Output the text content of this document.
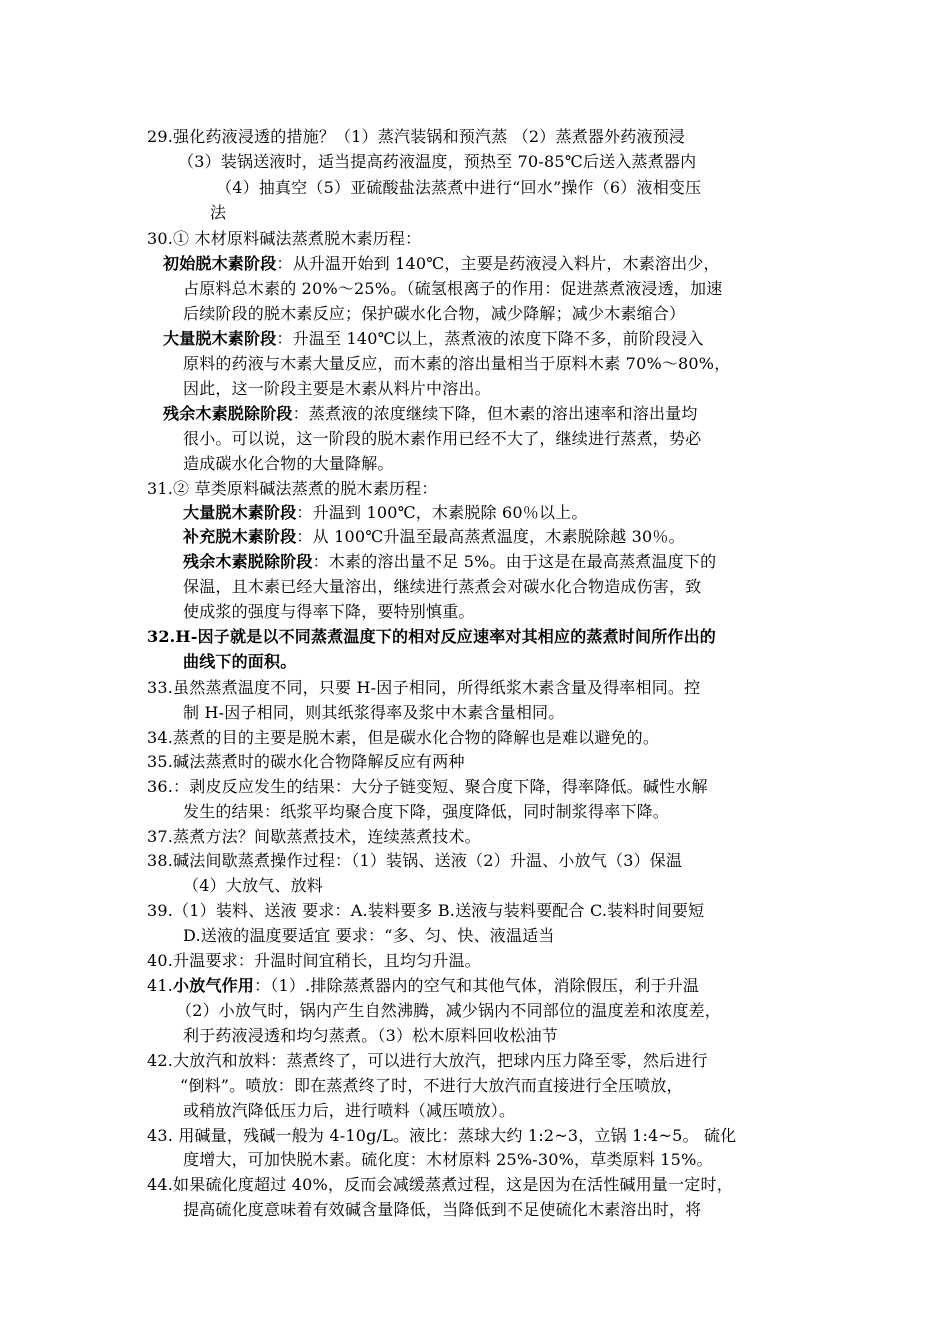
29.强化药液浸透的措施？（1）蒸汽装锅和预汽蒸 （2）蒸煮器外药液预浸
（3）装锅送液时，适当提高药液温度，预热至 70-85℃后送入蒸煮器内
（4）抽真空（5）亚硫酸盐法蒸煮中进行“回水”操作（6）液相变压
法
30.① 木材原料碱法蒸煮脱木素历程：
初始脱木素阶段：从升温开始到 140℃，主要是药液浸入料片，木素溶出少，
占原料总木素的 20%～25%。（硫氢根离子的作用：促进蒸煮液浸透，加速
后续阶段的脱木素反应；保护碳水化合物，减少降解；减少木素缩合）
大量脱木素阶段：升温至 140℃以上，蒸煮液的浓度下降不多，前阶段浸入
原料的药液与木素大量反应，而木素的溶出量相当于原料木素 70%～80%，
因此，这一阶段主要是木素从料片中溶出。
残余木素脱除阶段：蒸煮液的浓度继续下降，但木素的溶出速率和溶出量均
很小。可以说，这一阶段的脱木素作用已经不大了，继续进行蒸煮，势必
造成碳水化合物的大量降解。
31.② 草类原料碱法蒸煮的脱木素历程：
大量脱木素阶段：升温到 100℃，木素脱除 60％以上。
补充脱木素阶段：从 100℃升温至最高蒸煮温度，木素脱除越 30％。
残余木素脱除阶段：木素的溶出量不足 5%。由于这是在最高蒸煮温度下的
保温，且木素已经大量溶出，继续进行蒸煮会对碳水化合物造成伤害，致
使成浆的强度与得率下降，要特别慎重。
32.H-因子就是以不同蒸煮温度下的相对反应速率对其相应的蒸煮时间所作出的
曲线下的面积。
33.虽然蒸煮温度不同，只要 H-因子相同，所得纸浆木素含量及得率相同。控
制 H-因子相同，则其纸浆得率及浆中木素含量相同。
34.蒸煮的目的主要是脱木素，但是碳水化合物的降解也是难以避免的。
35.碱法蒸煮时的碳水化合物降解反应有两种
36.：剥皮反应发生的结果：大分子链变短、聚合度下降，得率降低。碱性水解
发生的结果：纸浆平均聚合度下降，强度降低，同时制浆得率下降。
37.蒸煮方法？间歇蒸煮技术，连续蒸煮技术。
38.碱法间歇蒸煮操作过程：（1）装锅、送液（2）升温、小放气（3）保温
（4）大放气、放料
39.（1）装料、送液 要求：A.装料要多 B.送液与装料要配合 C.装料时间要短
D.送液的温度要适宜 要求：“多、匀、快、液温适当
40.升温要求：升温时间宜稍长，且均匀升温。
41.小放气作用：（1）.排除蒸煮器内的空气和其他气体，消除假压，利于升温
（2）小放气时，锅内产生自然沸腾，减少锅内不同部位的温度差和浓度差，
利于药液浸透和均匀蒸煮。（3）松木原料回收松油节
42.大放汽和放料：蒸煮终了，可以进行大放汽，把球内压力降至零，然后进行
“倒料”。喷放：即在蒸煮终了时，不进行大放汽而直接进行全压喷放，
或稍放汽降低压力后，进行喷料（减压喷放）。
43. 用碱量，残碱一般为 4-10g/L。液比：蒸球大约 1:2~3，立锅 1:4~5。 硫化
度增大，可加快脱木素。硫化度：木材原料 25%-30%，草类原料 15%。
44.如果硫化度超过 40%，反而会减缓蒸煮过程，这是因为在活性碱用量一定时，
提高硫化度意味着有效碱含量降低，当降低到不足使硫化木素溶出时，将
